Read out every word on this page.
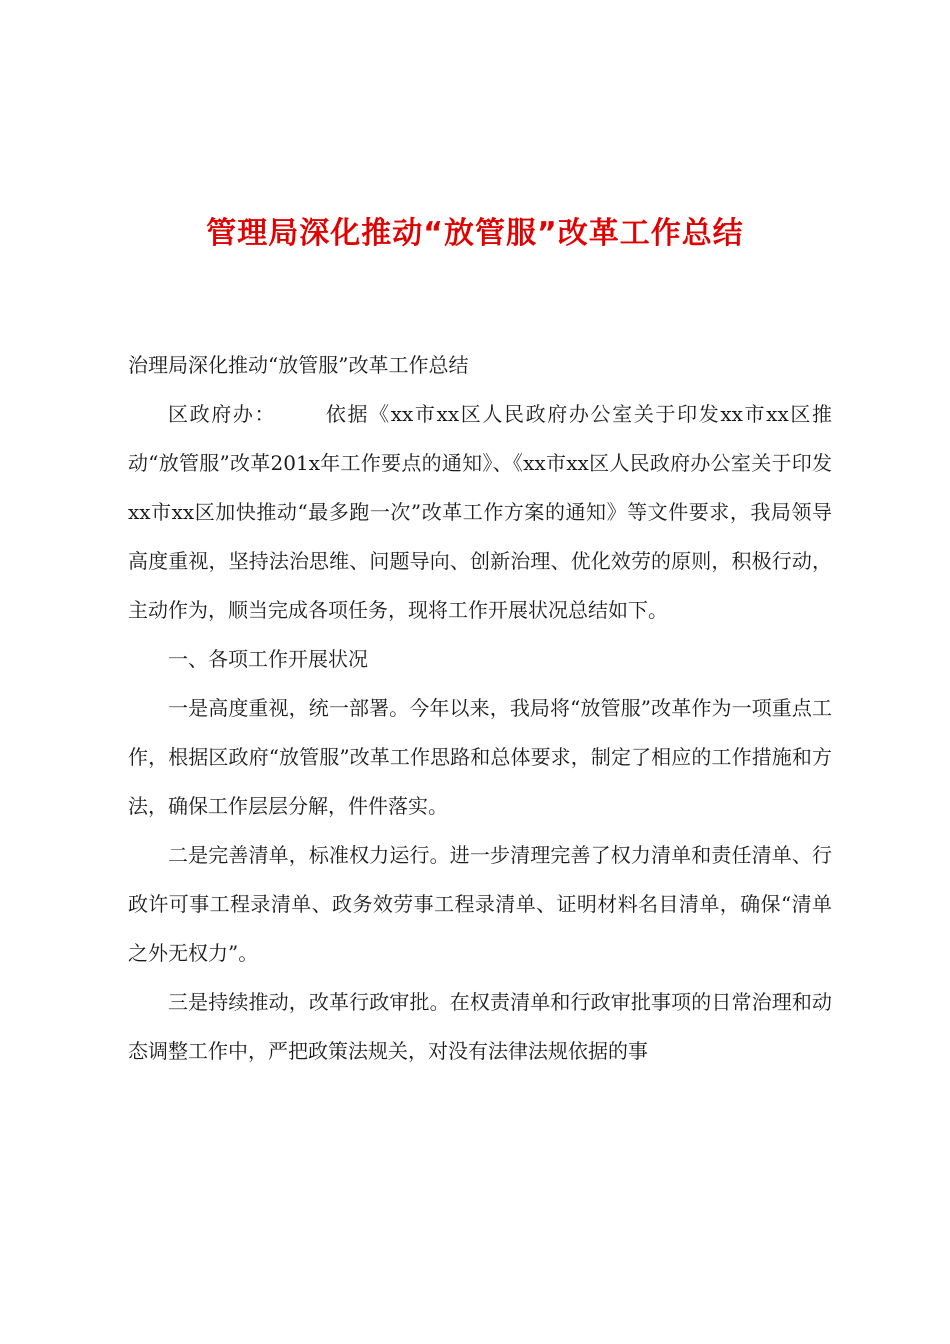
管理局深化推动“放管服”改革工作总结

治理局深化推动“放管服”改革工作总结

区政府办： 依据《xx市xx区人民政府办公室关于印发xx市xx区推动“放管服”改革201x年工作要点的通知》、《xx市xx区人民政府办公室关于印发xx市xx区加快推动“最多跑一次”改革工作方案的通知》等文件要求，我局领导高度重视，坚持法治思维、问题导向、创新治理、优化效劳的原则，积极行动，主动作为，顺当完成各项任务，现将工作开展状况总结如下。

一、各项工作开展状况

一是高度重视，统一部署。今年以来，我局将“放管服”改革作为一项重点工作，根据区政府“放管服”改革工作思路和总体要求，制定了相应的工作措施和方法，确保工作层层分解，件件落实。

二是完善清单，标准权力运行。进一步清理完善了权力清单和责任清单、行政许可事工程录清单、政务效劳事工程录清单、证明材料名目清单，确保“清单之外无权力”。

三是持续推动，改革行政审批。在权责清单和行政审批事项的日常治理和动态调整工作中，严把政策法规关，对没有法律法规依据的事
